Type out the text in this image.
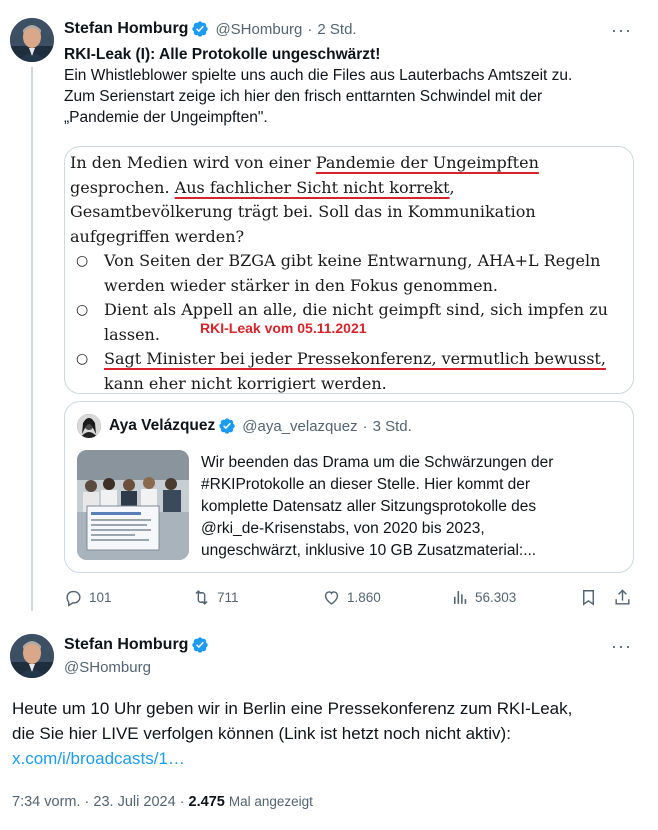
Stefan Homburg @SHomburg · 2 Std.	···
RKI-Leak (I): Alle Protokolle ungeschwärzt!
Ein Whistleblower spielte uns auch die Files aus Lauterbachs Amtszeit zu.
Zum Serienstart zeige ich hier den frisch enttarnten Schwindel mit der
„Pandemie der Ungeimpften".

In den Medien wird von einer Pandemie der Ungeimpften

gesprochen. Aus fachlicher Sicht nicht korrekt,

Gesamtbevölkerung trägt bei. Soll das in Kommunikation

aufgegriffen werden?

○ Von Seiten der BZGA gibt keine Entwarnung, AHA+L Regeln

werden wieder stärker in den Fokus genommen.

○ Dient als Appell an alle, die nicht geimpft sind, sich impfen zu

lassen.

○ Sagt Minister bei jeder Pressekonferenz, vermutlich bewusst,

kann eher nicht korrigiert werden.

RKI-Leak vom 05.11.2021
Aya Velázquez @aya_velazquez · 3 Std.
Wir beenden das Drama um die Schwärzungen der
#RKIProtokolle an dieser Stelle. Hier kommt der
komplette Datensatz aller Sitzungsprotokolle des
@rki_de-Krisenstabs, von 2020 bis 2023,
ungeschwärzt, inklusive 10 GB Zusatzmaterial:...
101	711	1.860	56.303
Stefan Homburg
@SHomburg
···
Heute um 10 Uhr geben wir in Berlin eine Pressekonferenz zum RKI-Leak,
die Sie hier LIVE verfolgen können (Link ist hetzt noch nicht aktiv):
x.com/i/broadcasts/1…
7:34 vorm. · 23. Juli 2024 · 2.475 Mal angezeigt
